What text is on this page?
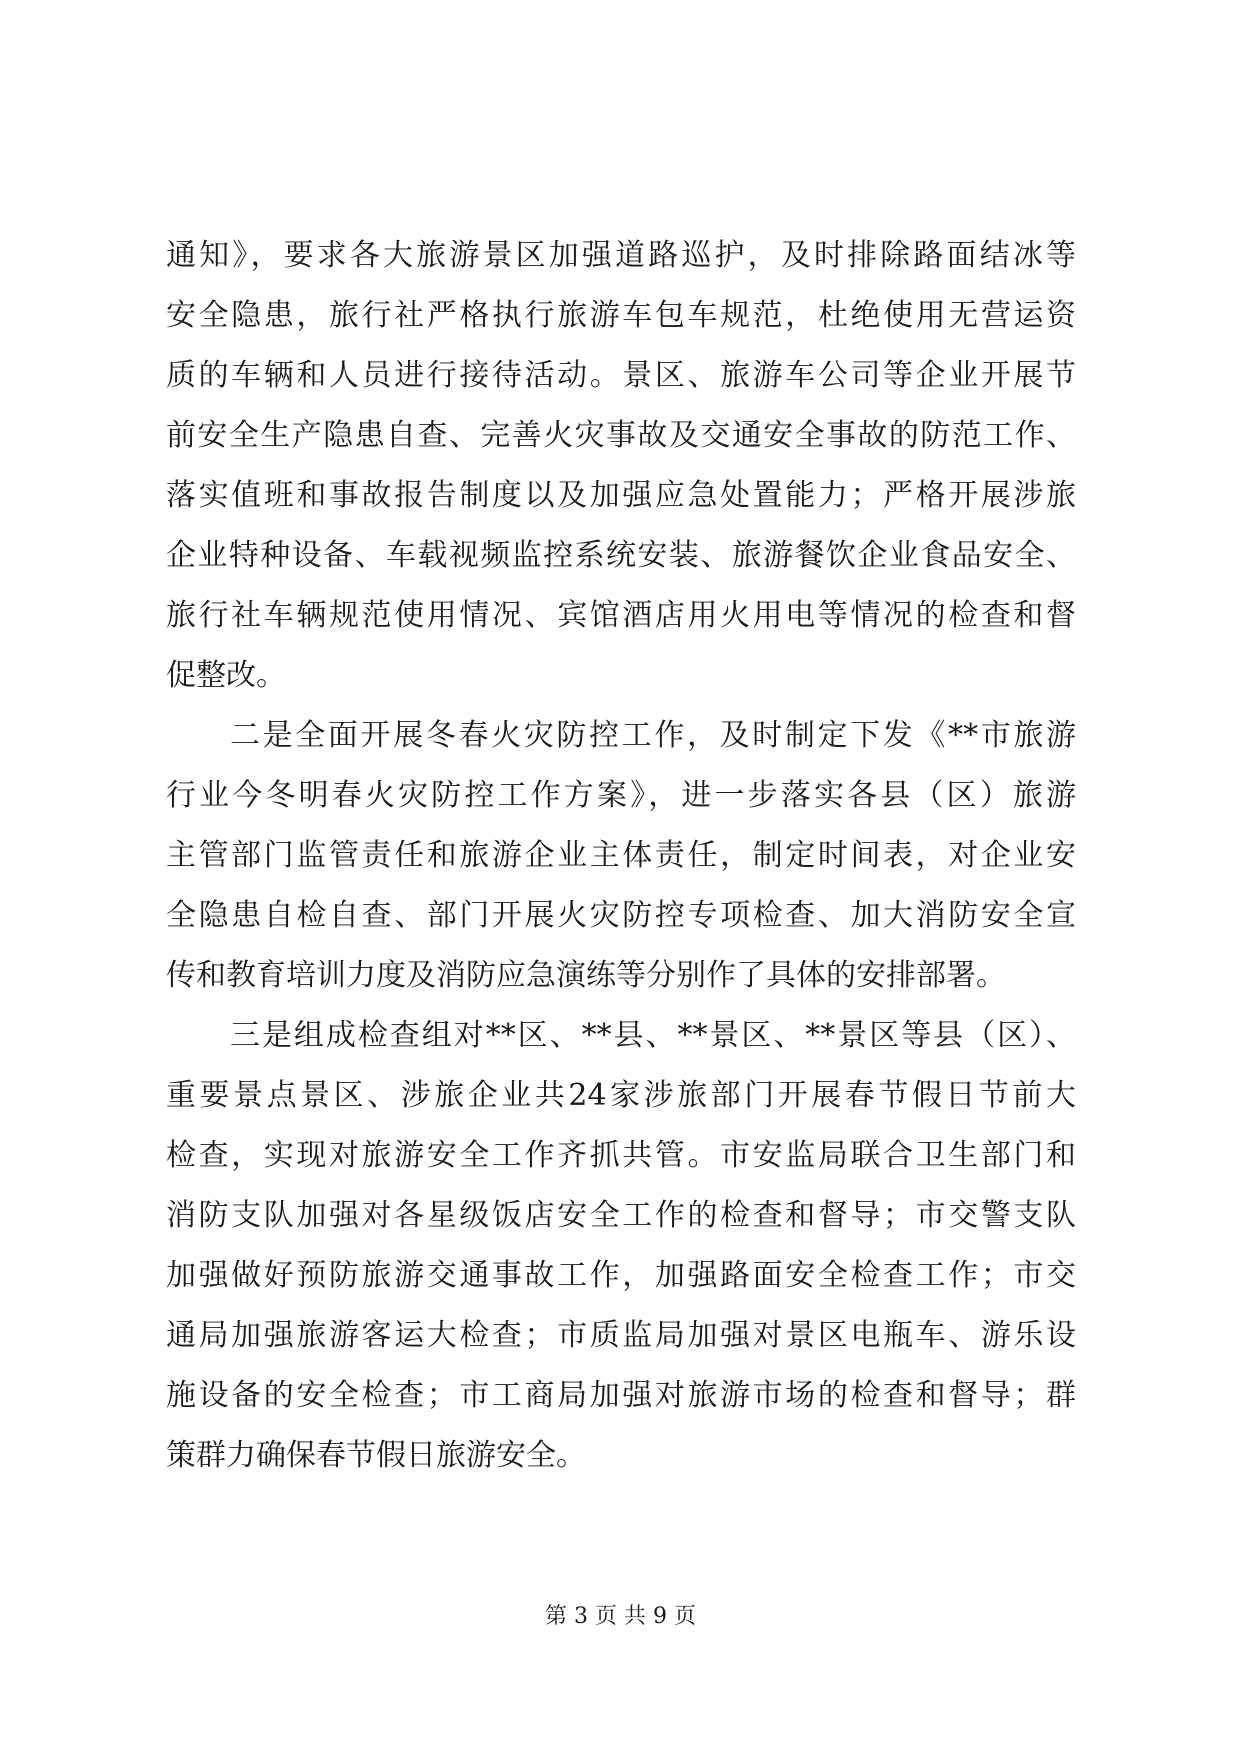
通知》，要求各大旅游景区加强道路巡护，及时排除路面结冰等
安全隐患，旅行社严格执行旅游车包车规范，杜绝使用无营运资
质的车辆和人员进行接待活动。景区、旅游车公司等企业开展节
前安全生产隐患自查、完善火灾事故及交通安全事故的防范工作、
落实值班和事故报告制度以及加强应急处置能力；严格开展涉旅
企业特种设备、车载视频监控系统安装、旅游餐饮企业食品安全、
旅行社车辆规范使用情况、宾馆酒店用火用电等情况的检查和督
促整改。
二是全面开展冬春火灾防控工作，及时制定下发《**市旅游
行业今冬明春火灾防控工作方案》，进一步落实各县（区）旅游
主管部门监管责任和旅游企业主体责任，制定时间表，对企业安
全隐患自检自查、部门开展火灾防控专项检查、加大消防安全宣
传和教育培训力度及消防应急演练等分别作了具体的安排部署。
三是组成检查组对**区、**县、**景区、**景区等县（区）、
重要景点景区、涉旅企业共24家涉旅部门开展春节假日节前大
检查，实现对旅游安全工作齐抓共管。市安监局联合卫生部门和
消防支队加强对各星级饭店安全工作的检查和督导；市交警支队
加强做好预防旅游交通事故工作，加强路面安全检查工作；市交
通局加强旅游客运大检查；市质监局加强对景区电瓶车、游乐设
施设备的安全检查；市工商局加强对旅游市场的检查和督导；群
策群力确保春节假日旅游安全。
第 3 页 共 9 页
